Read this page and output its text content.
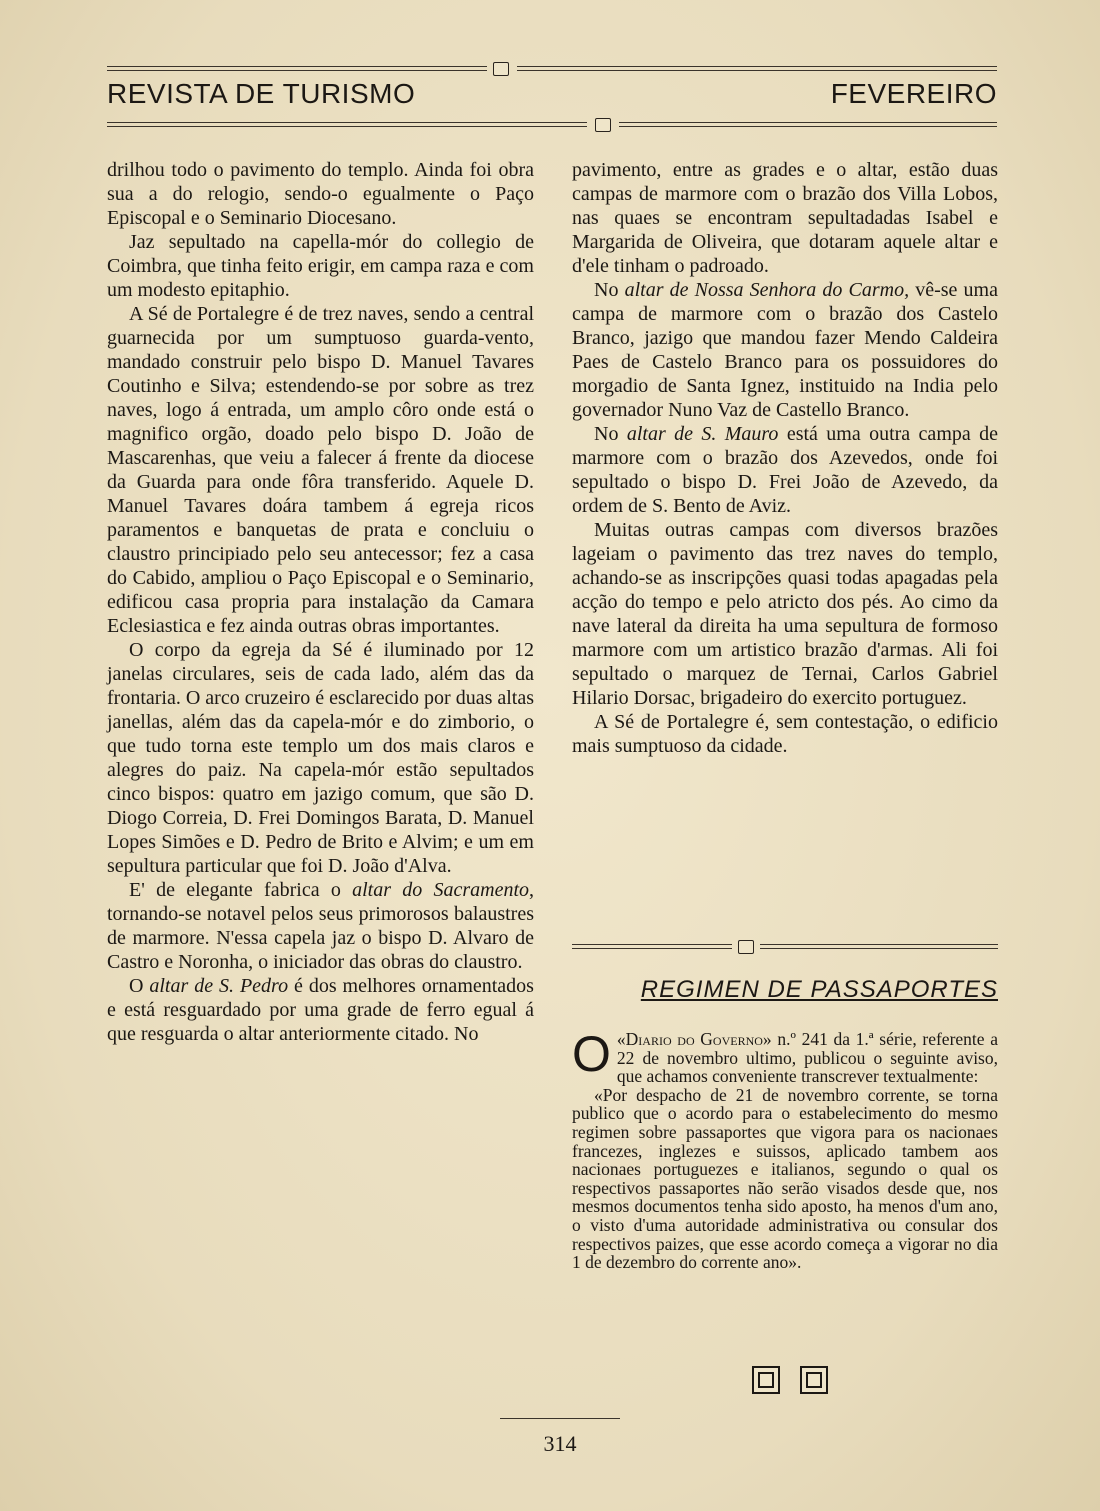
REVISTA DE TURISMO	FEVEREIRO

drilhou todo o pavimento do templo. Ainda foi obra sua a do relogio, sendo-o egualmente o Paço Episcopal e o Seminario Diocesano.

Jaz sepultado na capella-mór do collegio de Coimbra, que tinha feito erigir, em campa raza e com um modesto epitaphio.

A Sé de Portalegre é de trez naves, sendo a central guarnecida por um sumptuoso guarda-vento, mandado construir pelo bispo D. Manuel Tavares Coutinho e Silva; estendendo-se por sobre as trez naves, logo á entrada, um amplo côro onde está o magnifico orgão, doado pelo bispo D. João de Mascarenhas, que veiu a falecer á frente da diocese da Guarda para onde fôra transferido. Aquele D. Manuel Tavares doára tambem á egreja ricos paramentos e banquetas de prata e concluiu o claustro principiado pelo seu antecessor; fez a casa do Cabido, ampliou o Paço Episcopal e o Seminario, edificou casa propria para instalação da Camara Eclesiastica e fez ainda outras obras importantes.

O corpo da egreja da Sé é iluminado por 12 janelas circulares, seis de cada lado, além das da frontaria. O arco cruzeiro é esclarecido por duas altas janellas, além das da capela-mór e do zimborio, o que tudo torna este templo um dos mais claros e alegres do paiz. Na capela-mór estão sepultados cinco bispos: quatro em jazigo comum, que são D. Diogo Correia, D. Frei Domingos Barata, D. Manuel Lopes Simões e D. Pedro de Brito e Alvim; e um em sepultura particular que foi D. João d'Alva.

E' de elegante fabrica o altar do Sacramento, tornando-se notavel pelos seus primorosos balaustres de marmore. N'essa capela jaz o bispo D. Alvaro de Castro e Noronha, o iniciador das obras do claustro.

O altar de S. Pedro é dos melhores ornamentados e está resguardado por uma grade de ferro egual á que resguarda o altar anteriormente citado. No

pavimento, entre as grades e o altar, estão duas campas de marmore com o brazão dos Villa Lobos, nas quaes se encontram sepultadadas Isabel e Margarida de Oliveira, que dotaram aquele altar e d'ele tinham o padroado.

No altar de Nossa Senhora do Carmo, vê-se uma campa de marmore com o brazão dos Castelo Branco, jazigo que mandou fazer Mendo Caldeira Paes de Castelo Branco para os possuidores do morgadio de Santa Ignez, instituido na India pelo governador Nuno Vaz de Castello Branco.

No altar de S. Mauro está uma outra campa de marmore com o brazão dos Azevedos, onde foi sepultado o bispo D. Frei João de Azevedo, da ordem de S. Bento de Aviz.

Muitas outras campas com diversos brazões lageiam o pavimento das trez naves do templo, achando-se as inscripções quasi todas apagadas pela acção do tempo e pelo atricto dos pés. Ao cimo da nave lateral da direita ha uma sepultura de formoso marmore com um artistico brazão d'armas. Ali foi sepultado o marquez de Ternai, Carlos Gabriel Hilario Dorsac, brigadeiro do exercito portuguez.

A Sé de Portalegre é, sem contestação, o edificio mais sumptuoso da cidade.

REGIMEN DE PASSAPORTES

O «Diario do Governo» n.º 241 da 1.ª série, referente a 22 de novembro ultimo, publicou o seguinte aviso, que achamos conveniente transcrever textualmente:

«Por despacho de 21 de novembro corrente, se torna publico que o acordo para o estabelecimento do mesmo regimen sobre passaportes que vigora para os nacionaes francezes, inglezes e suissos, aplicado tambem aos nacionaes portuguezes e italianos, segundo o qual os respectivos passaportes não serão visados desde que, nos mesmos documentos tenha sido aposto, ha menos d'um ano, o visto d'uma autoridade administrativa ou consular dos respectivos paizes, que esse acordo começa a vigorar no dia 1 de dezembro do corrente ano».

314
